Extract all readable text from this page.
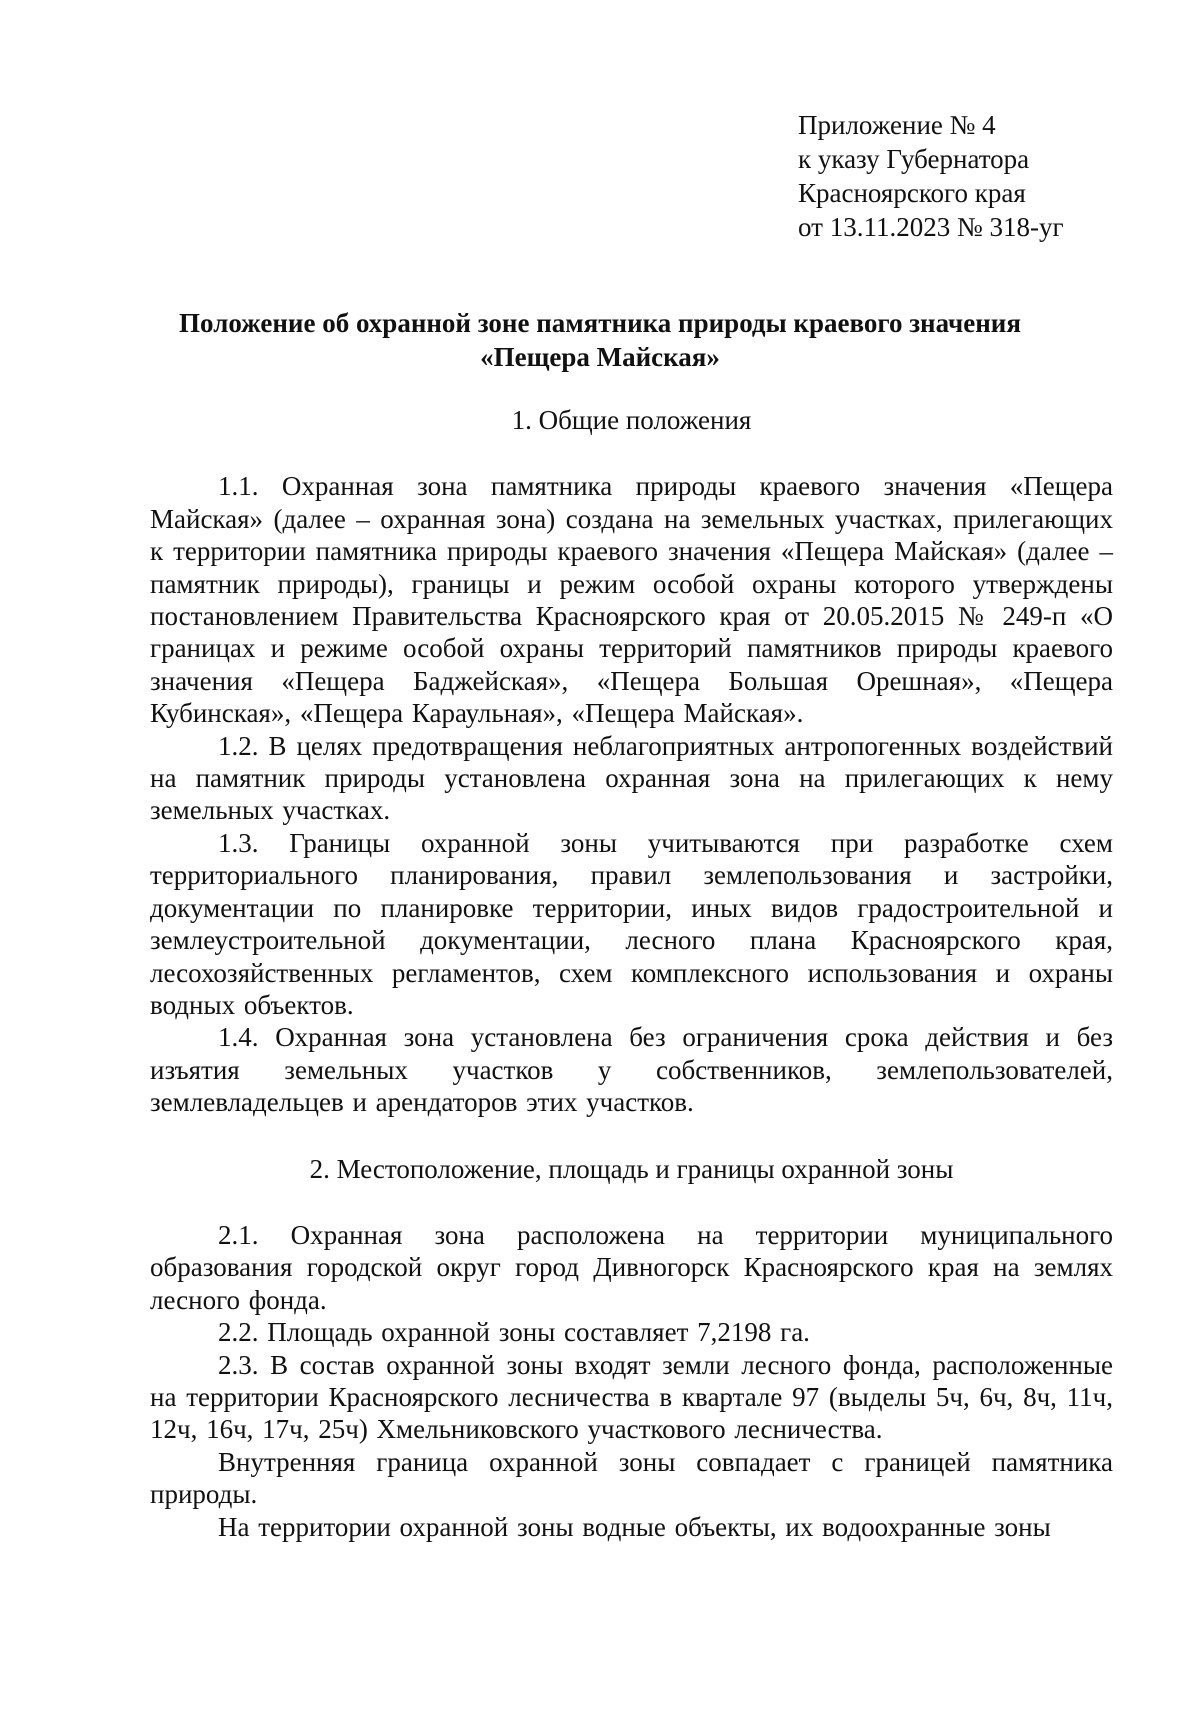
Приложение № 4
к указу Губернатора
Красноярского края
от 13.11.2023 № 318-уг
Положение об охранной зоне памятника природы краевого значения
«Пещера Майская»

1. Общие положения

1.1. Охранная зона памятника природы краевого значения «Пещера Майская» (далее – охранная зона) создана на земельных участках, прилегающих к территории памятника природы краевого значения «Пещера Майская» (далее – памятник природы), границы и режим особой охраны которого утверждены постановлением Правительства Красноярского края от 20.05.2015 № 249-п «О границах и режиме особой охраны территорий памятников природы краевого значения «Пещера Баджейская», «Пещера Большая Орешная», «Пещера Кубинская», «Пещера Караульная», «Пещера Майская».

1.2. В целях предотвращения неблагоприятных антропогенных воздействий на памятник природы установлена охранная зона на прилегающих к нему земельных участках.

1.3. Границы охранной зоны учитываются при разработке схем территориального планирования, правил землепользования и застройки, документации по планировке территории, иных видов градостроительной и землеустроительной документации, лесного плана Красноярского края, лесохозяйственных регламентов, схем комплексного использования и охраны водных объектов.

1.4. Охранная зона установлена без ограничения срока действия и без изъятия земельных участков у собственников, землепользователей, землевладельцев и арендаторов этих участков.

2. Местоположение, площадь и границы охранной зоны

2.1. Охранная зона расположена на территории муниципального образования городской округ город Дивногорск Красноярского края на землях лесного фонда.

2.2. Площадь охранной зоны составляет 7,2198 га.

2.3. В состав охранной зоны входят земли лесного фонда, расположенные на территории Красноярского лесничества в квартале 97 (выделы 5ч, 6ч, 8ч, 11ч, 12ч, 16ч, 17ч, 25ч) Хмельниковского участкового лесничества.

Внутренняя граница охранной зоны совпадает с границей памятника природы.

На территории охранной зоны водные объекты, их водоохранные зоны
